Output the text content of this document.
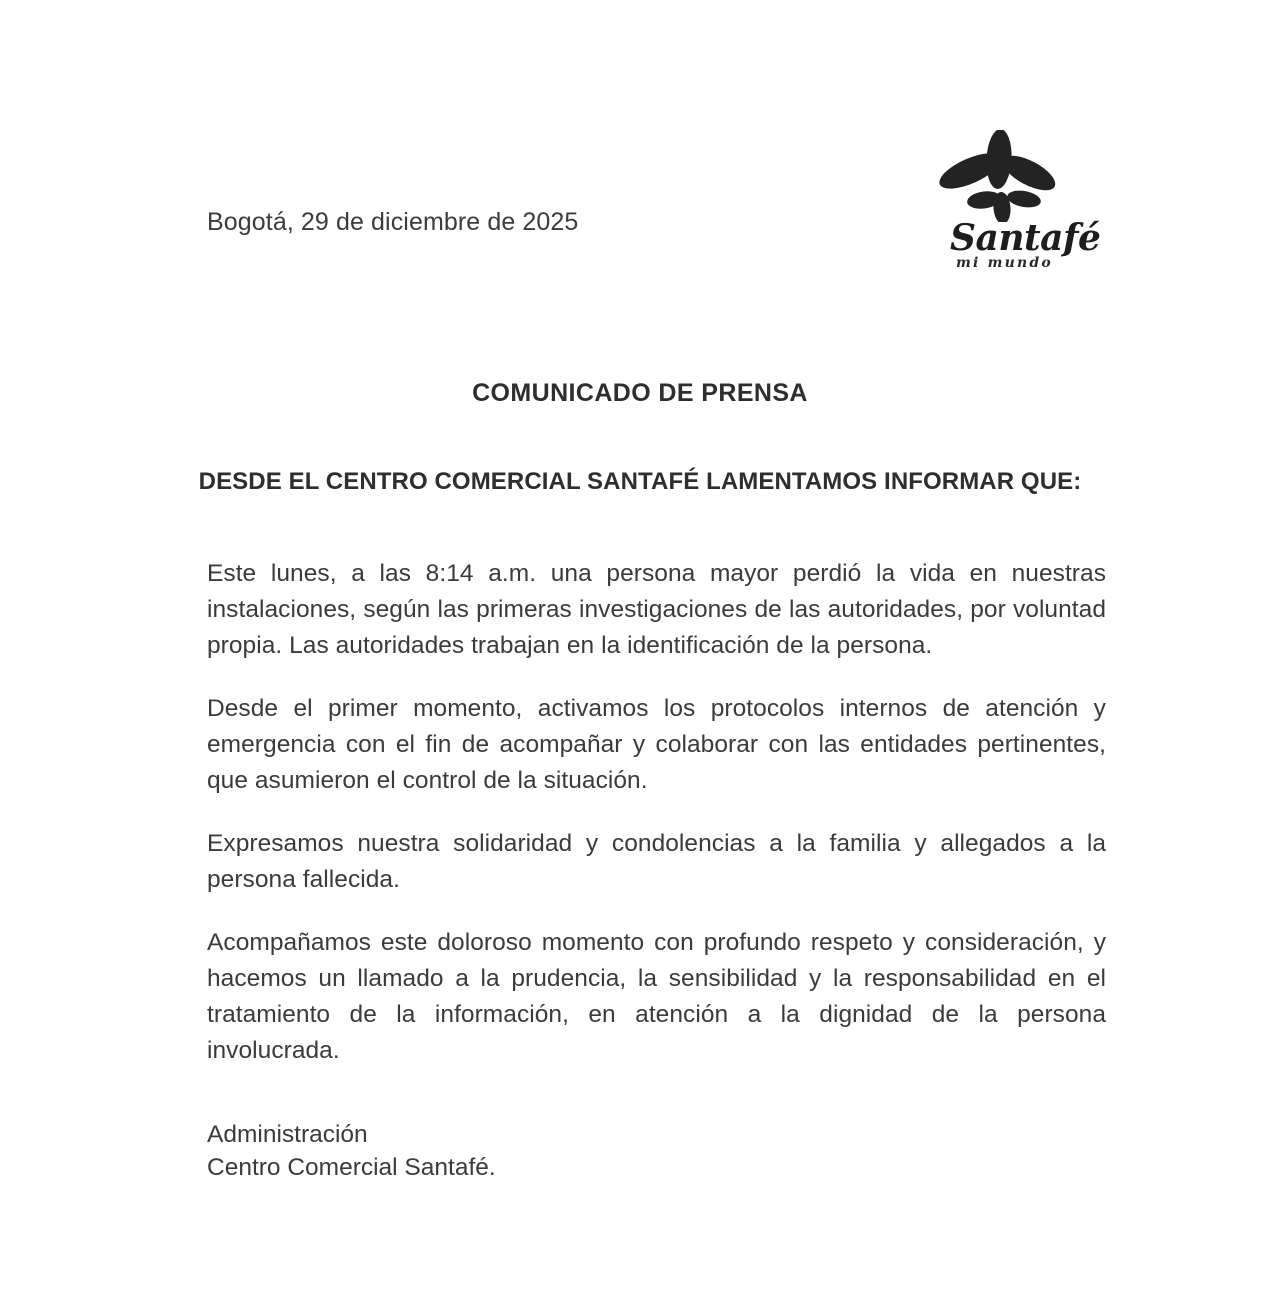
Bogotá, 29 de diciembre de 2025	Santafé
mi mundo
COMUNICADO DE PRENSA
DESDE EL CENTRO COMERCIAL SANTAFÉ LAMENTAMOS INFORMAR QUE:

Este lunes, a las 8:14 a.m. una persona mayor perdió la vida en nuestras instalaciones, según las primeras investigaciones de las autoridades, por voluntad propia. Las autoridades trabajan en la identificación de la persona.

Desde el primer momento, activamos los protocolos internos de atención y emergencia con el fin de acompañar y colaborar con las entidades pertinentes, que asumieron el control de la situación.

Expresamos nuestra solidaridad y condolencias a la familia y allegados a la persona fallecida.

Acompañamos este doloroso momento con profundo respeto y consideración, y hacemos un llamado a la prudencia, la sensibilidad y la responsabilidad en el tratamiento de la información, en atención a la dignidad de la persona involucrada.

Administración
Centro Comercial Santafé.
